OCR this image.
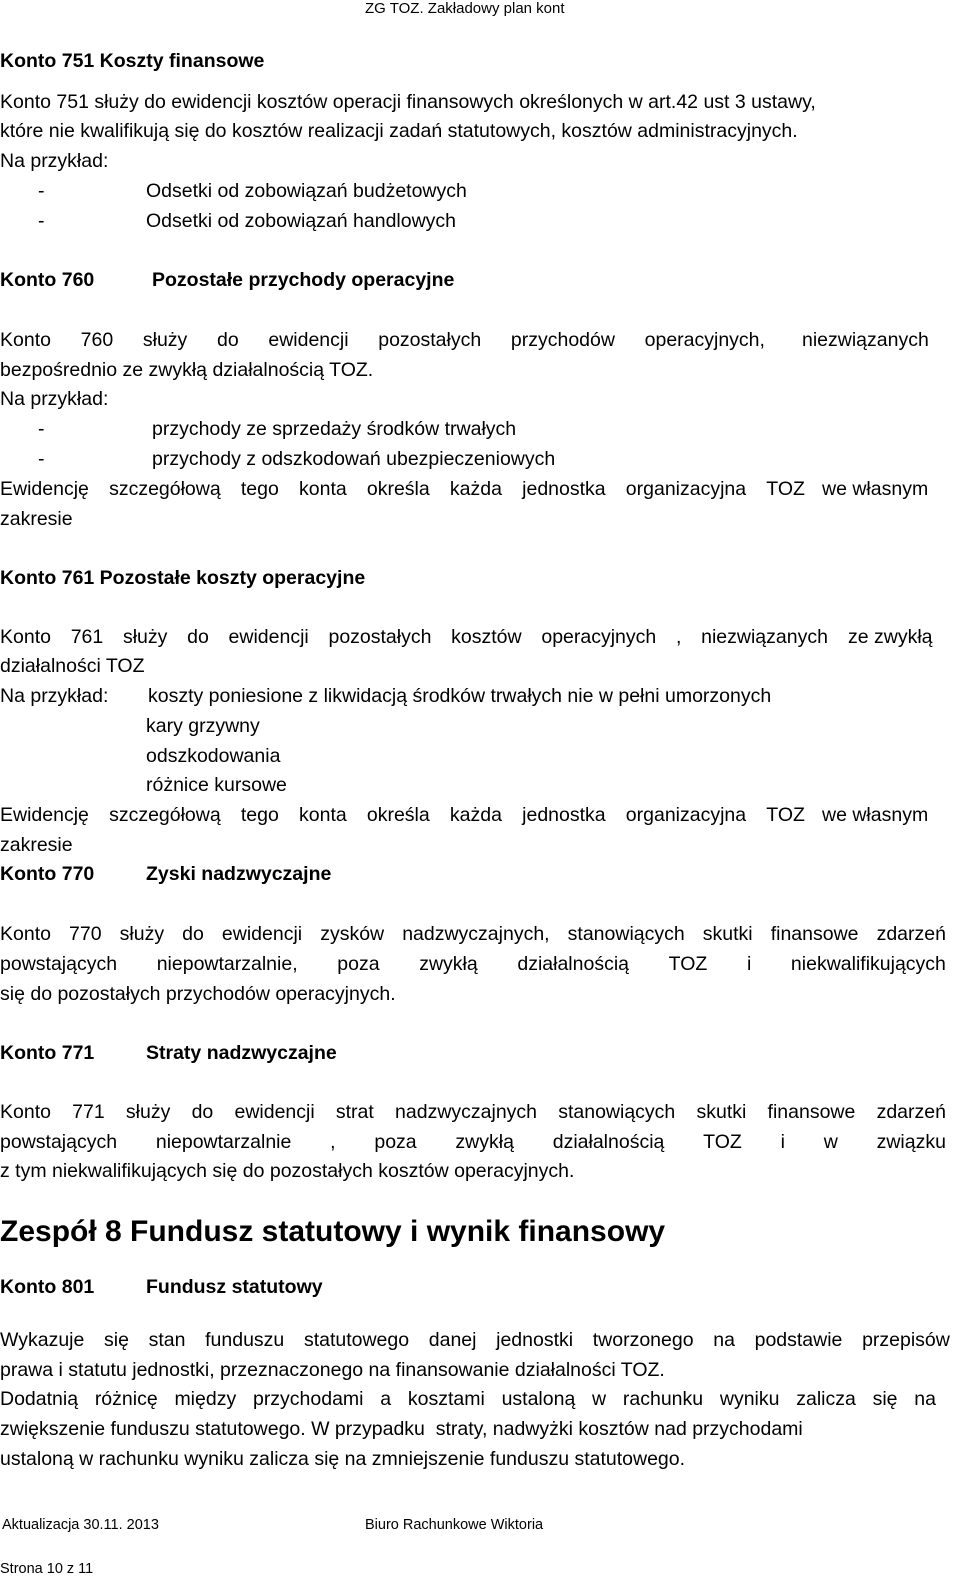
ZG TOZ. Zakładowy plan kont
Konto 751 Koszty finansowe
Konto 751 służy do ewidencji kosztów operacji finansowych określonych w art.42 ust 3 ustawy,
które nie kwalifikują się do kosztów realizacji zadań statutowych, kosztów administracyjnych.
Na przykład:
-	Odsetki od zobowiązań budżetowych
-	Odsetki od zobowiązań handlowych
Konto 760	Pozostałe przychody operacyjne
Konto 760 służy do ewidencji pozostałych przychodów operacyjnych, niezwiązanych
bezpośrednio ze zwykłą działalnością TOZ.
Na przykład:
-	przychody ze sprzedaży środków trwałych
-	przychody z odszkodowań ubezpieczeniowych
Ewidencję szczegółową tego konta określa każda jednostka organizacyjna TOZ we własnym
zakresie
Konto 761 Pozostałe koszty operacyjne
Konto 761 służy do ewidencji pozostałych kosztów operacyjnych , niezwiązanych ze zwykłą
działalności TOZ
Na przykład: koszty poniesione z likwidacją środków trwałych nie w pełni umorzonych
kary grzywny
odszkodowania
różnice kursowe
Ewidencję szczegółową tego konta określa każda jednostka organizacyjna TOZ we własnym
zakresie
Konto 770	Zyski nadzwyczajne
Konto 770 służy do ewidencji zysków nadzwyczajnych, stanowiących skutki finansowe zdarzeń
powstających niepowtarzalnie, poza zwykłą działalnością TOZ i niekwalifikujących
się do pozostałych przychodów operacyjnych.
Konto 771	Straty nadzwyczajne
Konto 771 służy do ewidencji strat nadzwyczajnych stanowiących skutki finansowe zdarzeń
powstających niepowtarzalnie , poza zwykłą działalnością TOZ i w związku
z tym niekwalifikujących się do pozostałych kosztów operacyjnych.
Zespół 8 Fundusz statutowy i wynik finansowy
Konto 801	Fundusz statutowy
Wykazuje się stan funduszu statutowego danej jednostki tworzonego na podstawie przepisów
prawa i statutu jednostki, przeznaczonego na finansowanie działalności TOZ.
Dodatnią różnicę między przychodami a kosztami ustaloną w rachunku wyniku zalicza się na
zwiększenie funduszu statutowego. W przypadku  straty, nadwyżki kosztów nad przychodami
ustaloną w rachunku wyniku zalicza się na zmniejszenie funduszu statutowego.
Aktualizacja 30.11. 2013	Biuro Rachunkowe Wiktoria
Strona 10 z 11
